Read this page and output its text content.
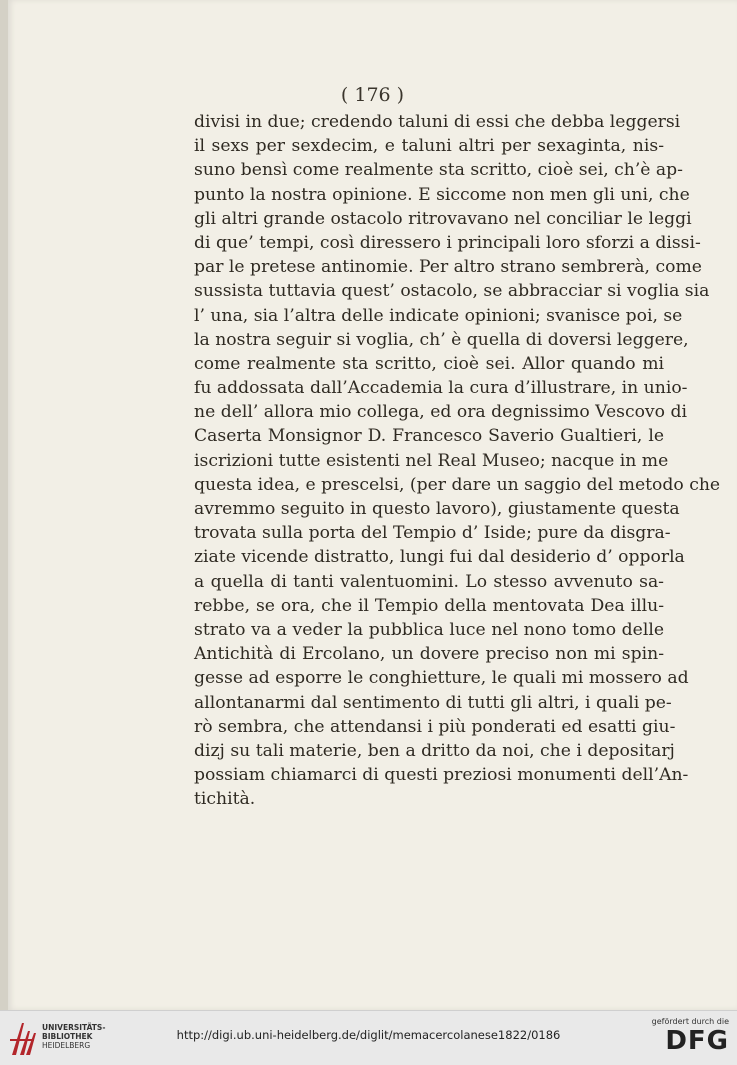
( 176 )
divisi in due; credendo taluni di essi che debba leggersi
il sexs per sexdecim, e taluni altri per sexaginta, nis-
suno bensì come realmente sta scritto, cioè sei, ch’è ap-
punto la nostra opinione. E siccome non men gli uni, che
gli altri grande ostacolo ritrovavano nel conciliar le leggi
di que’ tempi, così diressero i principali loro sforzi a dissi-
par le pretese antinomie. Per altro strano sembrerà, come
sussista tuttavia quest’ ostacolo, se abbracciar si voglia sia
l’ una, sia l’altra delle indicate opinioni; svanisce poi, se
la nostra seguir si voglia, ch’ è quella di doversi leggere,
come realmente sta scritto, cioè sei. Allor quando mi
fu addossata dall’Accademia la cura d’illustrare, in unio-
ne dell’ allora mio collega, ed ora degnissimo Vescovo di
Caserta Monsignor D. Francesco Saverio Gualtieri, le
iscrizioni tutte esistenti nel Real Museo; nacque in me
questa idea, e prescelsi, (per dare un saggio del metodo che
avremmo seguito in questo lavoro), giustamente questa
trovata sulla porta del Tempio d’ Iside; pure da disgra-
ziate vicende distratto, lungi fui dal desiderio d’ opporla
a quella di tanti valentuomini. Lo stesso avvenuto sa-
rebbe, se ora, che il Tempio della mentovata Dea illu-
strato va a veder la pubblica luce nel nono tomo delle
Antichità di Ercolano, un dovere preciso non mi spin-
gesse ad esporre le conghietture, le quali mi mossero ad
allontanarmi dal sentimento di tutti gli altri, i quali pe-
rò sembra, che attendansi i più ponderati ed esatti giu-
dizj su tali materie, ben a dritto da noi, che i depositarj
possiam chiamarci di questi preziosi monumenti dell’An-
tichità.
UNIVERSITÄTS-
BIBLIOTHEK
HEIDELBERG
http://digi.ub.uni-heidelberg.de/diglit/memacercolanese1822/0186
gefördert durch die
DFG
